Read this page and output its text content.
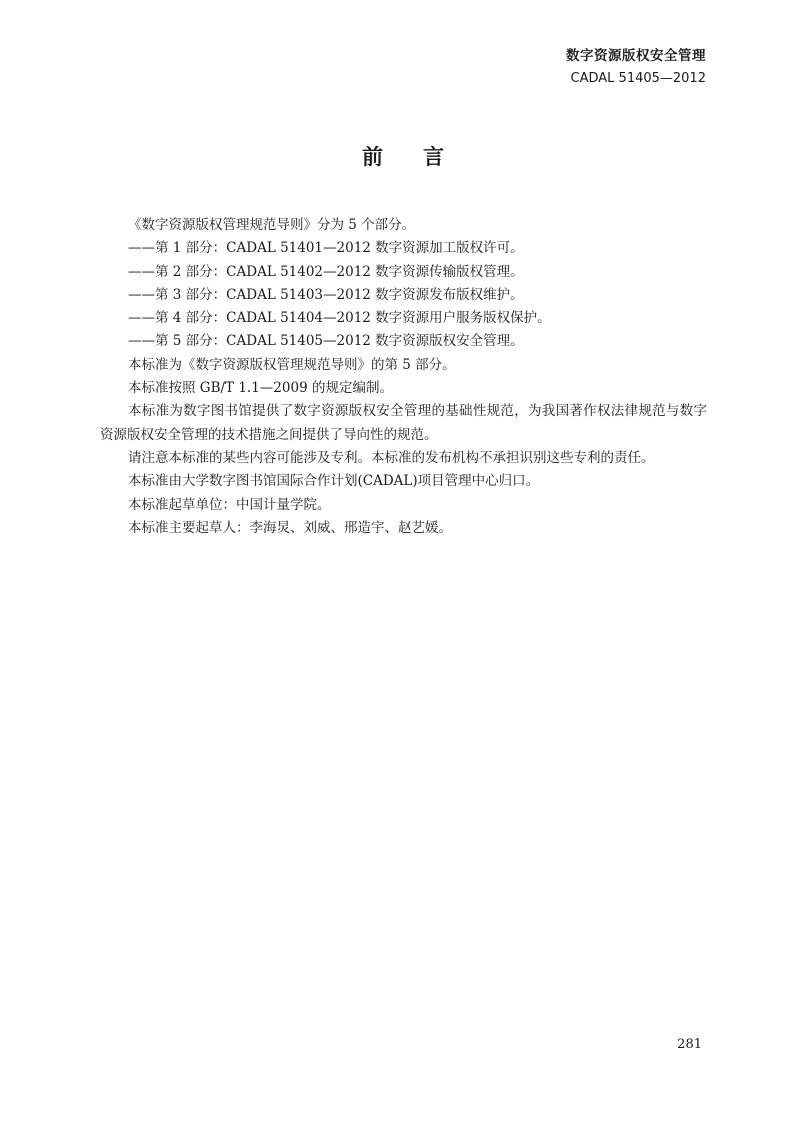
数字资源版权安全管理
CADAL 51405—2012
前言

《数字资源版权管理规范导则》分为 5 个部分。

——第 1 部分：CADAL 51401—2012 数字资源加工版权许可。

——第 2 部分：CADAL 51402—2012 数字资源传输版权管理。

——第 3 部分：CADAL 51403—2012 数字资源发布版权维护。

——第 4 部分：CADAL 51404—2012 数字资源用户服务版权保护。

——第 5 部分：CADAL 51405—2012 数字资源版权安全管理。

本标准为《数字资源版权管理规范导则》的第 5 部分。

本标准按照 GB/T 1.1—2009 的规定编制。

本标准为数字图书馆提供了数字资源版权安全管理的基础性规范，为我国著作权法律规范与数字资源版权安全管理的技术措施之间提供了导向性的规范。

请注意本标准的某些内容可能涉及专利。本标准的发布机构不承担识别这些专利的责任。

本标准由大学数字图书馆国际合作计划(CADAL)项目管理中心归口。

本标准起草单位：中国计量学院。

本标准主要起草人：李海炅、刘威、邢造宇、赵艺媛。

281
